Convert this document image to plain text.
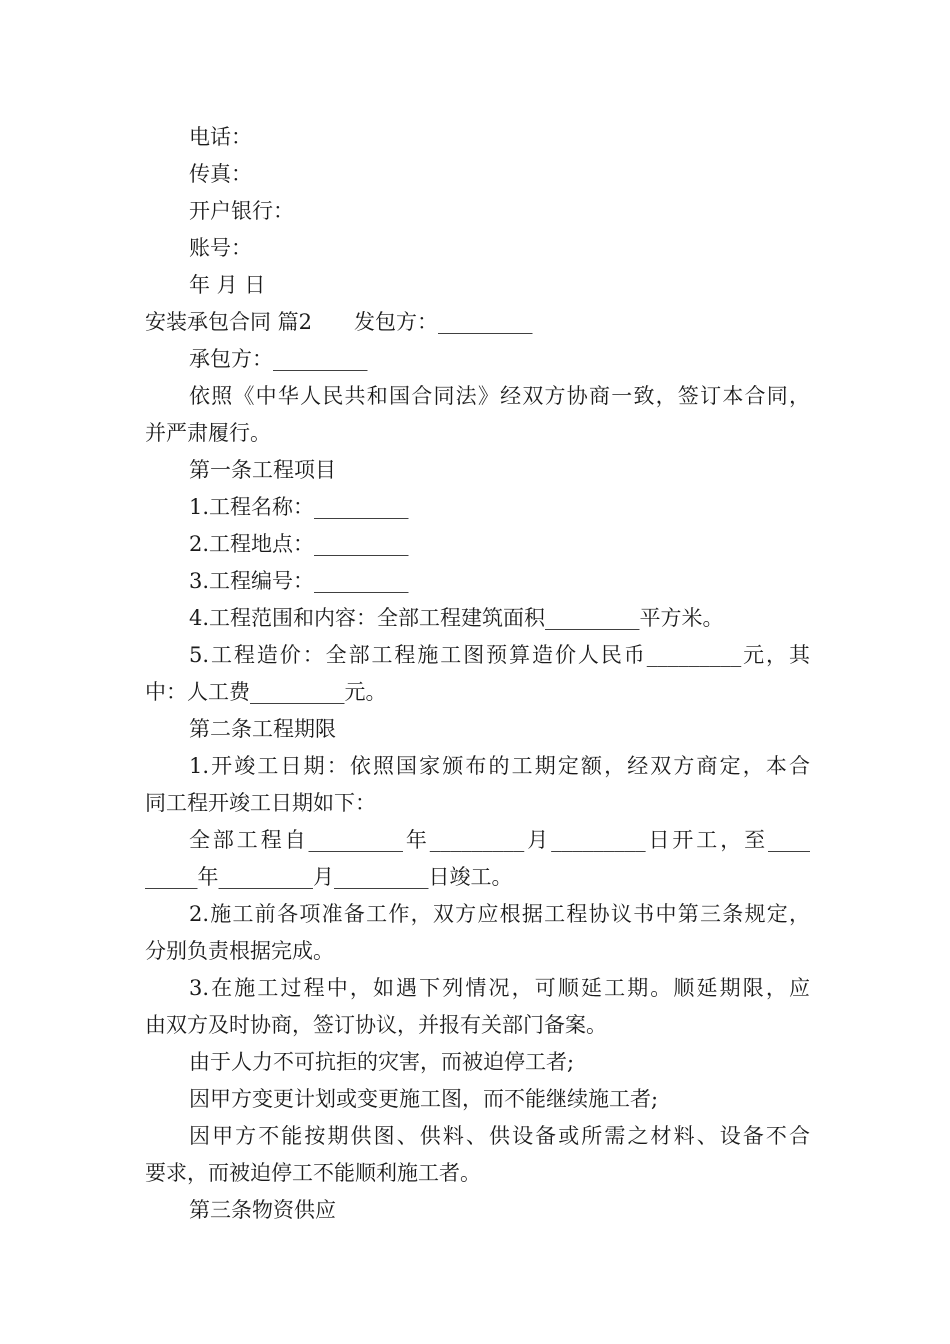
电话：

传真：

开户银行：

账号：

年 月 日

安装承包合同 篇2　　发包方：_________

承包方：_________

依照《中华人民共和国合同法》经双方协商一致，签订本合同，

并严肃履行。

第一条工程项目

1.工程名称：_________

2.工程地点：_________

3.工程编号：_________

4.工程范围和内容：全部工程建筑面积_________平方米。

5.工程造价：全部工程施工图预算造价人民币_________元，其

中：人工费_________元。

第二条工程期限

1.开竣工日期：依照国家颁布的工期定额，经双方商定，本合

同工程开竣工日期如下：

全部工程自_________年_________月_________日开工，至____

_____年_________月_________日竣工。

2.施工前各项准备工作，双方应根据工程协议书中第三条规定，

分别负责根据完成。

3.在施工过程中，如遇下列情况，可顺延工期。顺延期限，应

由双方及时协商，签订协议，并报有关部门备案。

由于人力不可抗拒的灾害，而被迫停工者;

因甲方变更计划或变更施工图，而不能继续施工者;

因甲方不能按期供图、供料、供设备或所需之材料、设备不合

要求，而被迫停工不能顺利施工者。

第三条物资供应
